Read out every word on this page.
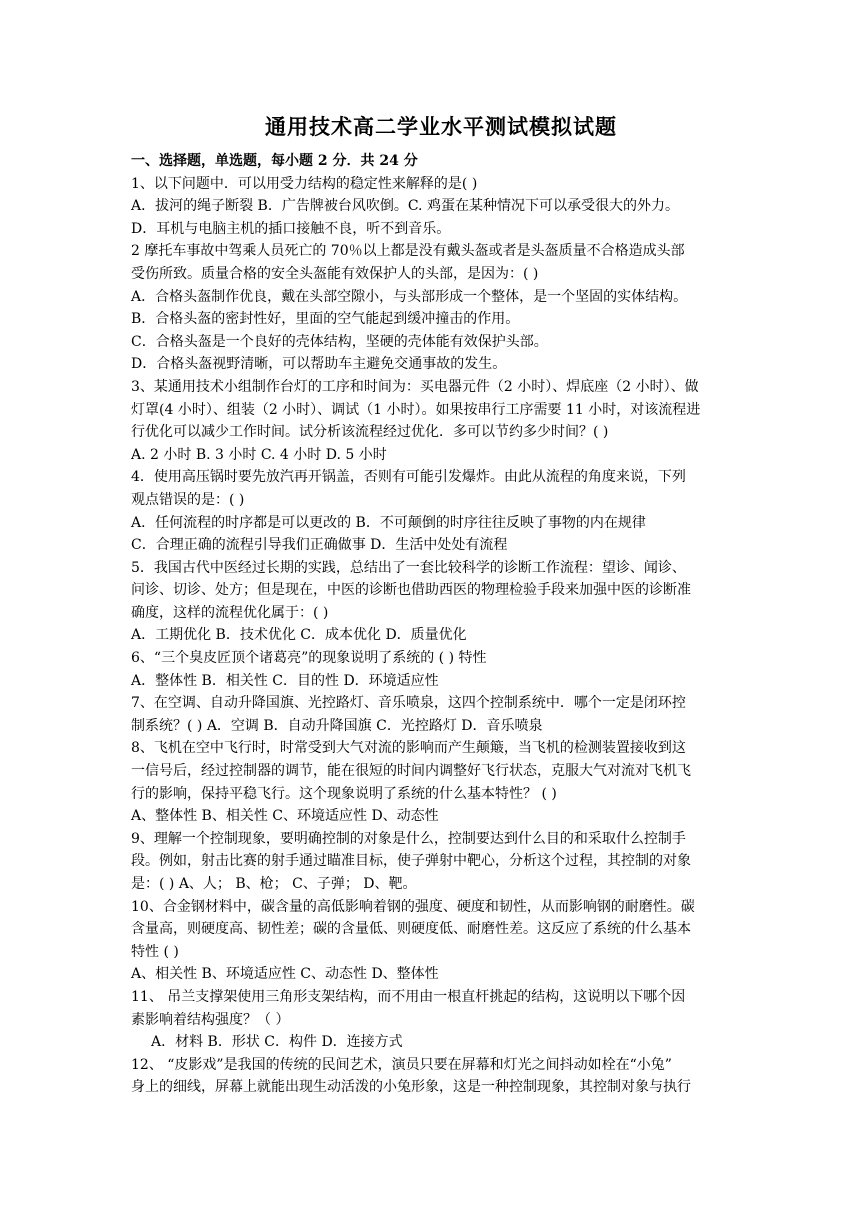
通用技术高二学业水平测试模拟试题
一、选择题，单选题，每小题 2 分．共 24 分
1、以下问题中．可以用受力结构的稳定性来解释的是( )
A．拔河的绳子断裂 B．广告牌被台风吹倒。C. 鸡蛋在某种情况下可以承受很大的外力。
D．耳机与电脑主机的插口接触不良，听不到音乐。
2 摩托车事故中驾乘人员死亡的 70％以上都是没有戴头盔或者是头盔质量不合格造成头部
受伤所致。质量合格的安全头盔能有效保护人的头部，是因为：( )
A．合格头盔制作优良，戴在头部空隙小，与头部形成一个整体，是一个坚固的实体结构。
B．合格头盔的密封性好，里面的空气能起到缓冲撞击的作用。
C．合格头盔是一个良好的壳体结构，坚硬的壳体能有效保护头部。
D．合格头盔视野清晰，可以帮助车主避免交通事故的发生。
3、某通用技术小组制作台灯的工序和时间为：买电器元件（2 小时）、焊底座（2 小时）、做
灯罩(4 小时）、组装（2 小时）、调试（1 小时）。如果按串行工序需要 11 小时，对该流程进
行优化可以减少工作时间。试分析该流程经过优化．多可以节约多少时间？( )
A. 2 小时 B. 3 小时 C. 4 小时 D. 5 小时
4．使用高压锅时要先放汽再开锅盖，否则有可能引发爆炸。由此从流程的角度来说，下列
观点错误的是：( )
A．任何流程的时序都是可以更改的 B．不可颠倒的时序往往反映了事物的内在规律
C．合理正确的流程引导我们正确做事 D．生活中处处有流程
5．我国古代中医经过长期的实践，总结出了一套比较科学的诊断工作流程：望诊、闻诊、
问诊、切诊、处方；但是现在，中医的诊断也借助西医的物理检验手段来加强中医的诊断准
确度，这样的流程优化属于：( )
A．工期优化 B．技术优化 C．成本优化 D．质量优化
6、“三个臭皮匠顶个诸葛亮”的现象说明了系统的 ( ) 特性
A．整体性 B．相关性 C．目的性 D．环境适应性
7、在空调、自动升降国旗、光控路灯、音乐喷泉，这四个控制系统中．哪个一定是闭环控
制系统？( ) A．空调 B．自动升降国旗 C．光控路灯 D．音乐喷泉
8、飞机在空中飞行时，时常受到大气对流的影响而产生颠簸，当飞机的检测装置接收到这
一信号后，经过控制器的调节，能在很短的时间内调整好飞行状态，克服大气对流对飞机飞
行的影响，保持平稳飞行。这个现象说明了系统的什么基本特性？ ( )
A、整体性 B、相关性 C、环境适应性 D、动态性
9、理解一个控制现象，要明确控制的对象是什么，控制要达到什么目的和采取什么控制手
段。例如，射击比赛的射手通过瞄准目标，使子弹射中靶心，分析这个过程，其控制的对象
是：( ) A、人； B、枪； C、子弹； D、靶。
10、合金钢材料中，碳含量的高低影响着钢的强度、硬度和韧性，从而影响钢的耐磨性。碳
含量高，则硬度高、韧性差；碳的含量低、则硬度低、耐磨性差。这反应了系统的什么基本
特性 ( )
A、相关性 B、环境适应性 C、动态性 D、整体性
11、 吊兰支撑架使用三角形支架结构，而不用由一根直杆挑起的结构，这说明以下哪个因
素影响着结构强度？（ ）
A．材料 B．形状 C．构件 D．连接方式
12、 “皮影戏”是我国的传统的民间艺术，演员只要在屏幕和灯光之间抖动如栓在“小兔”
身上的细线，屏幕上就能出现生动活泼的小兔形象，这是一种控制现象，其控制对象与执行
